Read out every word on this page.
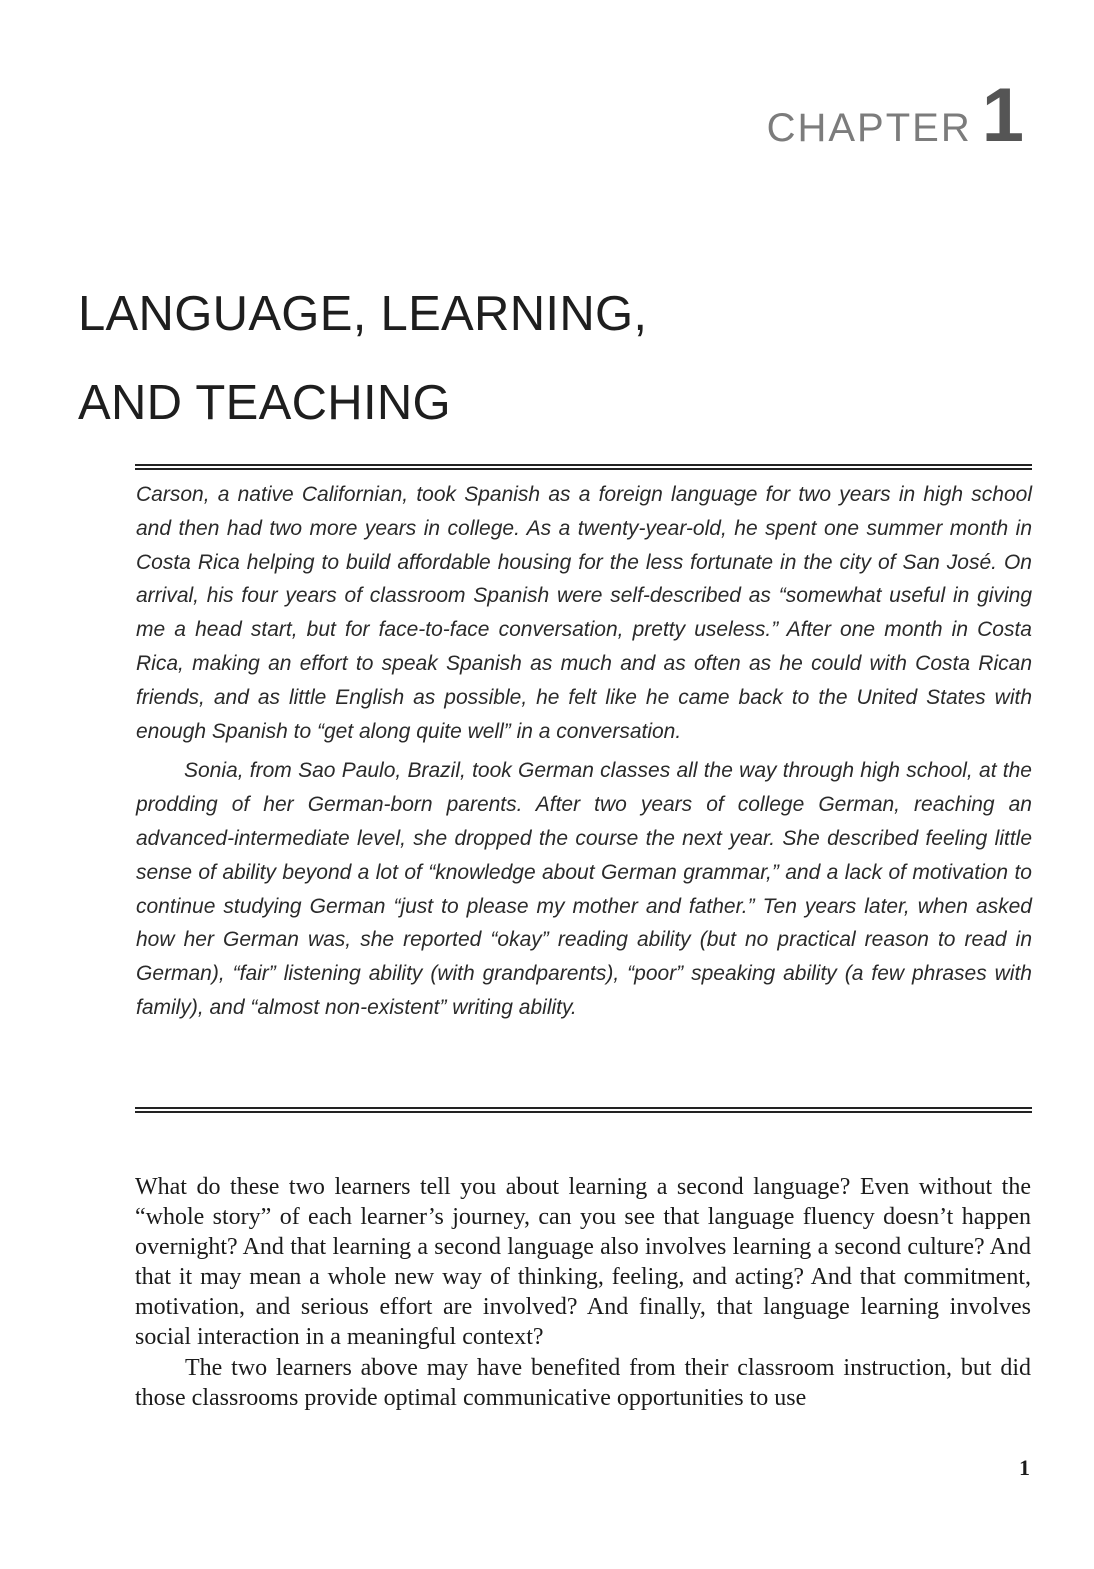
CHAPTER 1
LANGUAGE, LEARNING,
AND TEACHING

Carson, a native Californian, took Spanish as a foreign language for two years in high school and then had two more years in college. As a twenty-year-old, he spent one summer month in Costa Rica helping to build affordable housing for the less fortunate in the city of San José. On arrival, his four years of classroom Spanish were self-described as “somewhat useful in giving me a head start, but for face-to-face conversation, pretty useless.” After one month in Costa Rica, making an effort to speak Spanish as much and as often as he could with Costa Rican friends, and as little English as possible, he felt like he came back to the United States with enough Spanish to “get along quite well” in a conversation.

Sonia, from Sao Paulo, Brazil, took German classes all the way through high school, at the prodding of her German-born parents. After two years of college German, reaching an advanced-intermediate level, she dropped the course the next year. She described feeling little sense of ability beyond a lot of “knowledge about German grammar,” and a lack of motivation to continue studying German “just to please my mother and father.” Ten years later, when asked how her German was, she reported “okay” reading ability (but no practical reason to read in German), “fair” listening ability (with grandparents), “poor” speaking ability (a few phrases with family), and “almost non-existent” writing ability.

What do these two learners tell you about learning a second language? Even without the “whole story” of each learner’s journey, can you see that language fluency doesn’t happen overnight? And that learning a second language also involves learning a second culture? And that it may mean a whole new way of thinking, feeling, and acting? And that commitment, motivation, and serious effort are involved? And finally, that language learning involves social interaction in a meaningful context?

The two learners above may have benefited from their classroom instruction, but did those classrooms provide optimal communicative opportunities to use

1
